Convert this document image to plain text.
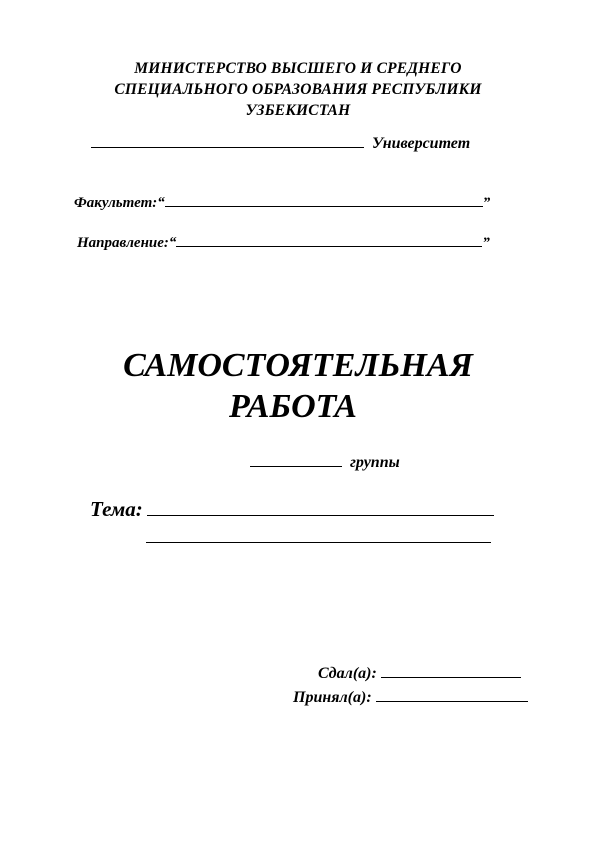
МИНИСТЕРСТВО ВЫСШЕГО И СРЕДНЕГО
СПЕЦИАЛЬНОГО ОБРАЗОВАНИЯ РЕСПУБЛИКИ
УЗБЕКИСТАН
Университет
Факультет:“	”
Направление:“	”
САМОСТОЯТЕЛЬНАЯ
РАБОТА
группы
Тема:
Сдал(а):
Принял(а):
